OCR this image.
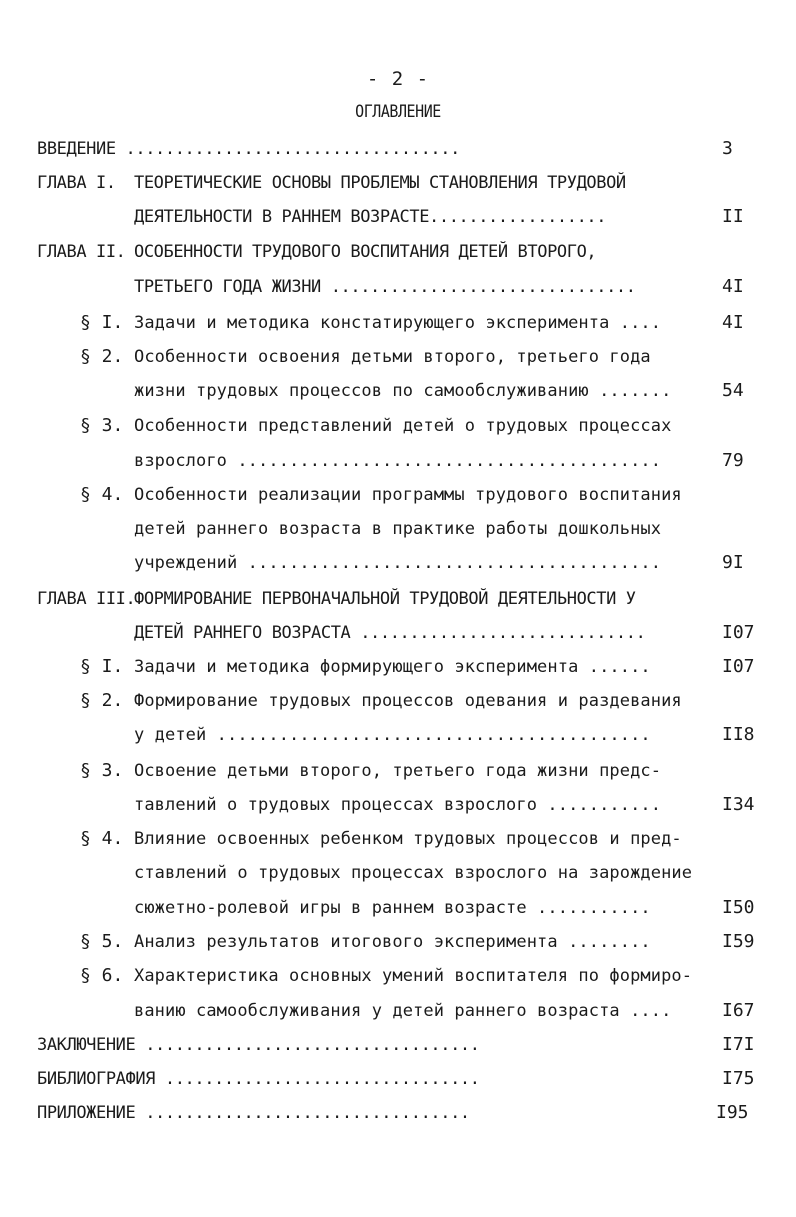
- 2 -
ОГЛАВЛЕНИЕ
ВВЕДЕНИЕ ..................................	3
ГЛАВА I. ТЕОРЕТИЧЕСКИЕ ОСНОВЫ ПРОБЛЕМЫ СТАНОВЛЕНИЯ ТРУДОВОЙ
ДЕЯТЕЛЬНОСТИ В РАННЕМ ВОЗРАСТЕ..................	II
ГЛАВА II. ОСОБЕННОСТИ ТРУДОВОГО ВОСПИТАНИЯ ДЕТЕЙ ВТОРОГО,
ТРЕТЬЕГО ГОДА ЖИЗНИ ...............................	4I
§ I. Задачи и методика констатирующего эксперимента ....	4I
§ 2. Особенности освоения детьми второго, третьего года
жизни трудовых процессов по самообслуживанию .......	54
§ 3. Особенности представлений детей о трудовых процессах
взрослого .........................................	79
§ 4. Особенности реализации программы трудового воспитания
детей раннего возраста в практике работы дошкольных
учреждений ........................................	9I
ГЛАВА III.
ФОРМИРОВАНИЕ ПЕРВОНАЧАЛЬНОЙ ТРУДОВОЙ ДЕЯТЕЛЬНОСТИ У
ДЕТЕЙ РАННЕГО ВОЗРАСТА .............................	I07
§ I. Задачи и методика формирующего эксперимента ......	I07
§ 2. Формирование трудовых процессов одевания и раздевания
у детей ..........................................	II8
§ 3. Освоение детьми второго, третьего года жизни предс-
тавлений о трудовых процессах взрослого ...........	I34
§ 4. Влияние освоенных ребенком трудовых процессов и пред-
ставлений о трудовых процессах взрослого на зарождение
сюжетно-ролевой игры в раннем возрасте ...........	I50
§ 5. Анализ результатов итогового эксперимента ........	I59
§ 6. Характеристика основных умений воспитателя по формиро-
ванию самообслуживания у детей раннего возраста ....	I67
ЗАКЛЮЧЕНИЕ ..................................	I7I
БИБЛИОГРАФИЯ ................................	I75
ПРИЛОЖЕНИЕ .................................	I95
